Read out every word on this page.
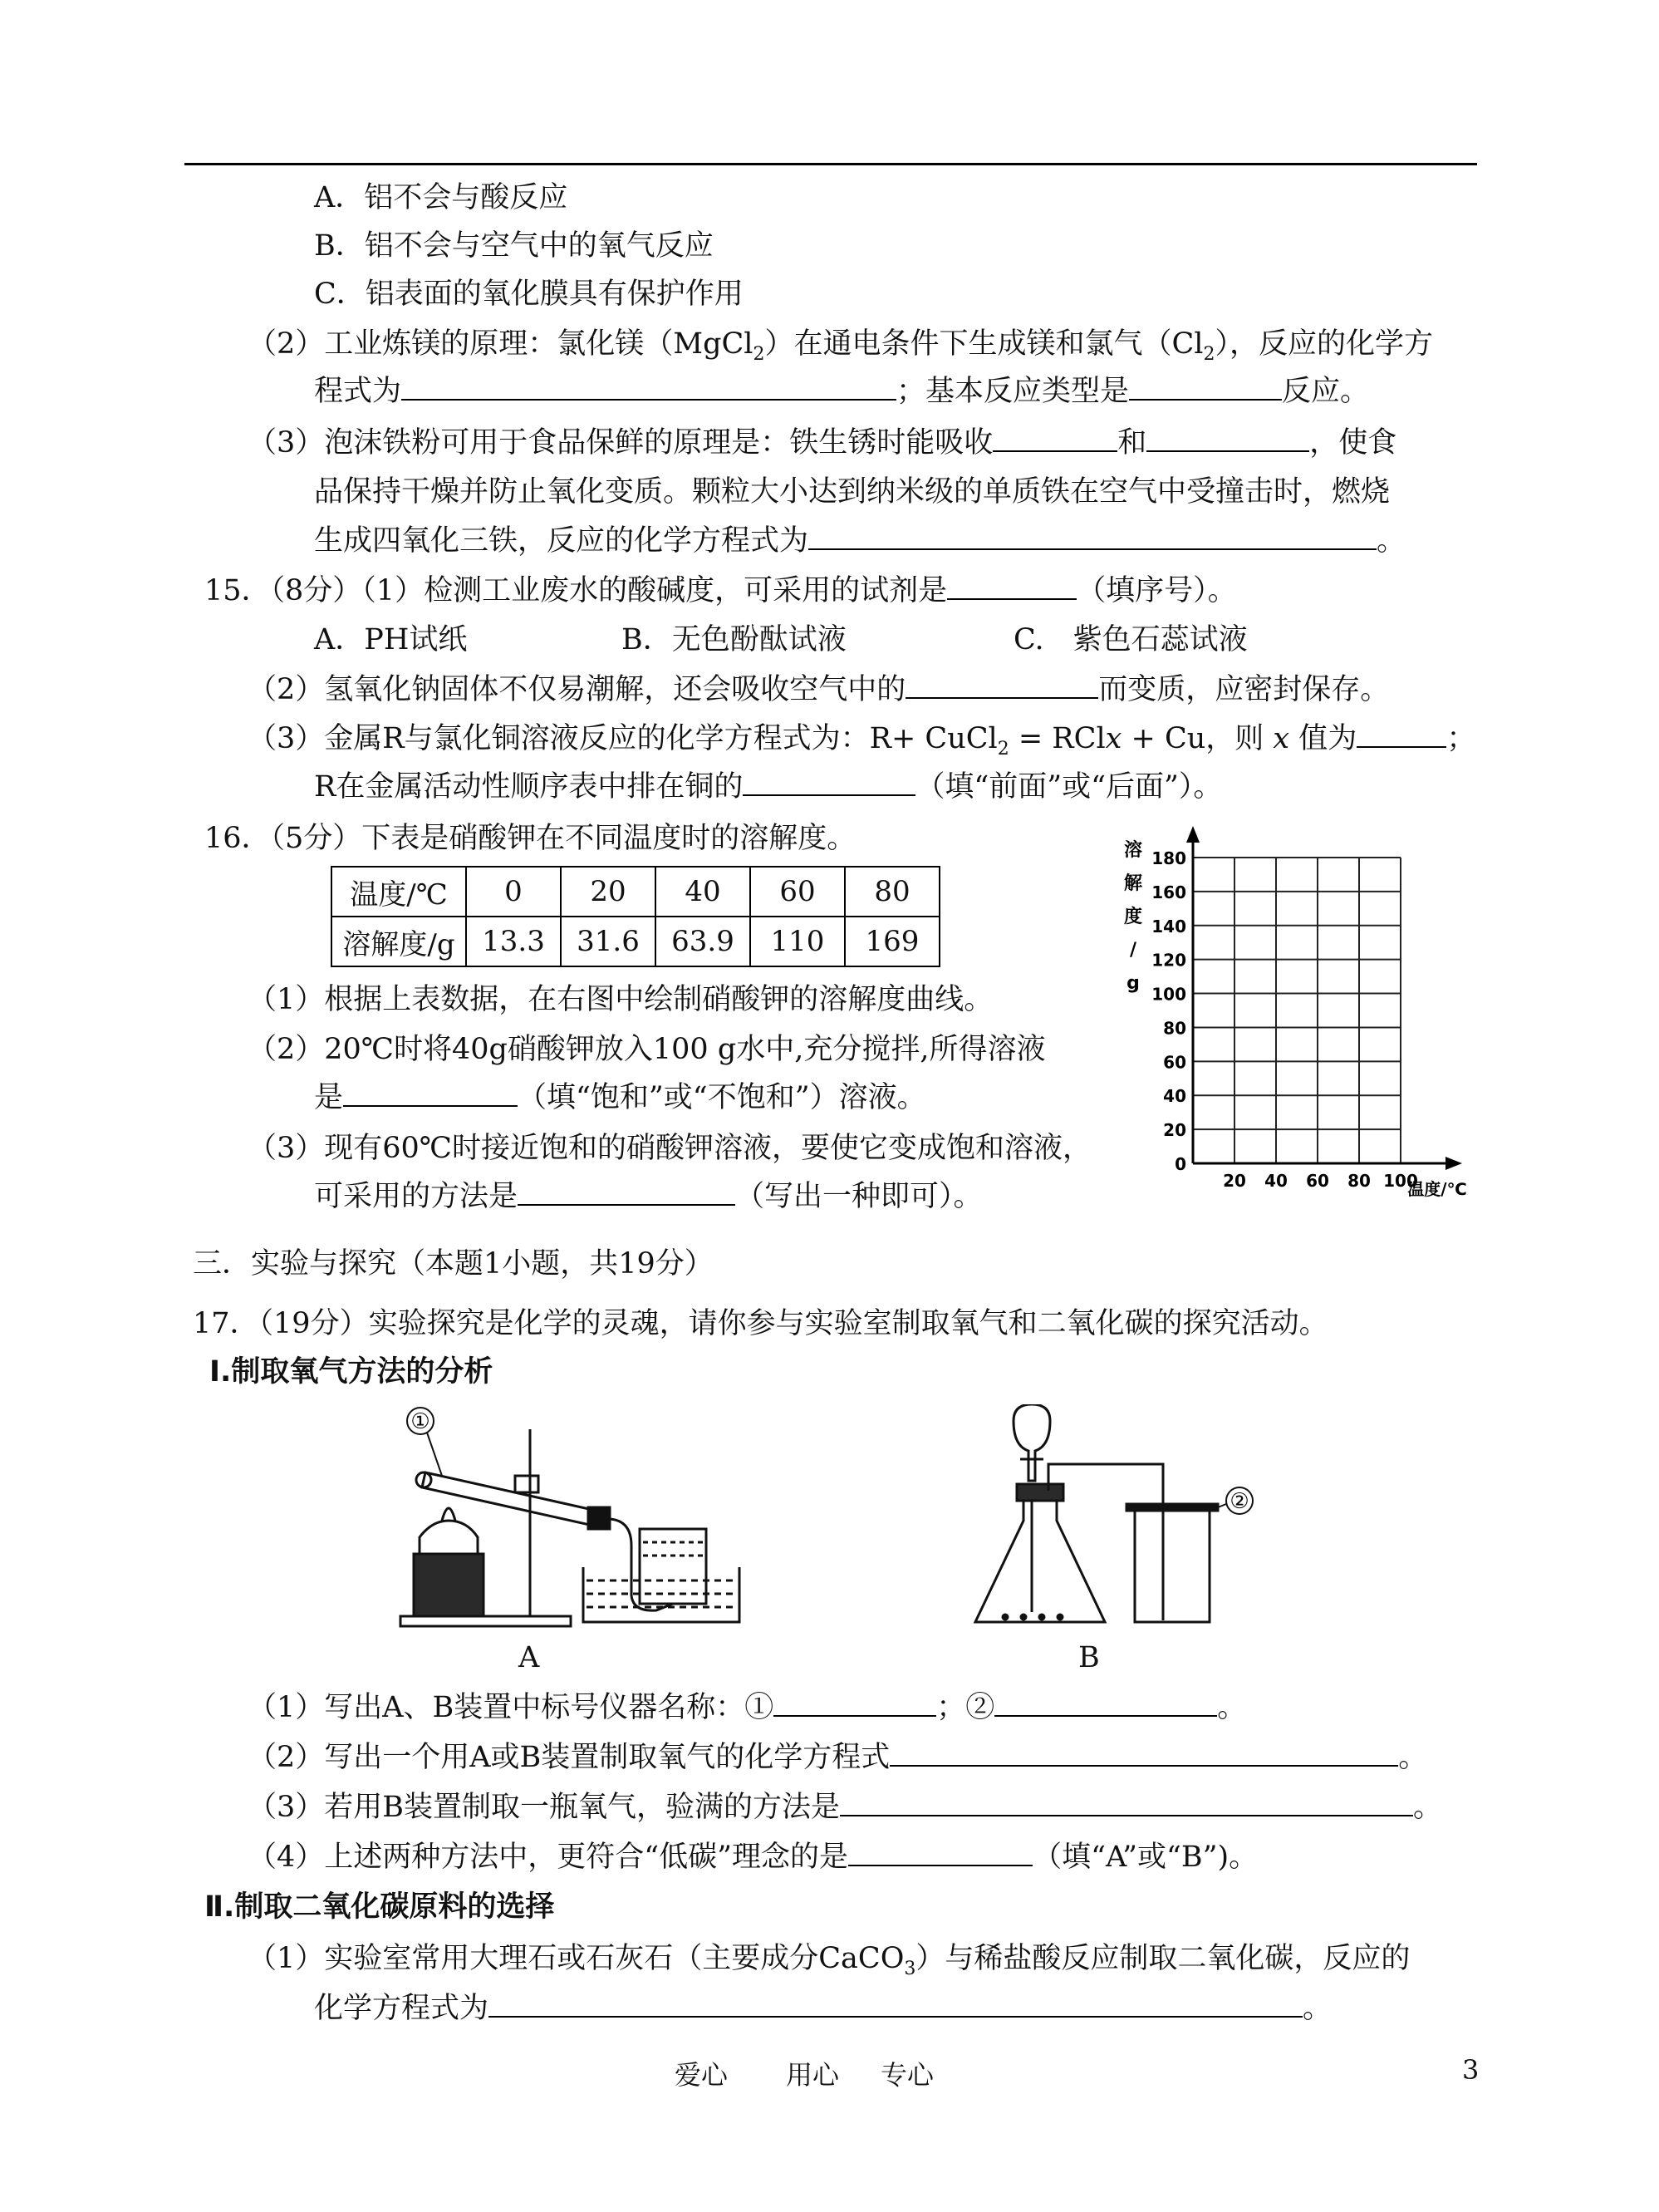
A．铝不会与酸反应
B．铝不会与空气中的氧气反应
C．铝表面的氧化膜具有保护作用
（2）工业炼镁的原理：氯化镁（MgCl$_2$）在通电条件下生成镁和氯气$(Cl_2)$，反应的化学方
程式为	；基本反应类型是	反应。
（3）泡沫铁粉可用于食品保鲜的原理是：铁生锈时能吸收	和	，使食
品保持干燥并防止氧化变质。颗粒大小达到纳米级的单质铁在空气中受撞击时，燃烧
生成四氧化三铁，反应的化学方程式为	。
15．（8分）（1）检测工业废水的酸碱度，可采用的试剂是	（填序号）。
A．PH试纸	B．无色酚酞试液	C.　紫色石蕊试液
（2）氢氧化钠固体不仅易潮解，还会吸收空气中的	而变质，应密封保存。
（3）金属R与氯化铜溶液反应的化学方程式为：R+ CuCl$_2$ = RClx + Cu，则 x 值为	；
R在金属活动性顺序表中排在铜的	（填“前面”或“后面”）。
16．（5分）下表是硝酸钾在不同温度时的溶解度。
温度/℃	0	20	40	60	80
溶解度/g	13.3	31.6	63.9	110	169
（1）根据上表数据，在右图中绘制硝酸钾的溶解度曲线。
（2）20℃时将40g硝酸钾放入100 g水中,充分搅拌,所得溶液
是	（填“饱和”或“不饱和”）溶液。
（3）现有60℃时接近饱和的硝酸钾溶液，要使它变成饱和溶液，
可采用的方法是	（写出一种即可）。
0
20
40
60
80
100
120
140
160
180
20 40 60 80 100
溶解度/ g
温度/℃
三．实验与探究（本题1小题，共19分）
17．（19分）实验探究是化学的灵魂，请你参与实验室制取氧气和二氧化碳的探究活动。
Ⅰ.制取氧气方法的分析
①
A
②
B
（1）写出A、B装置中标号仪器名称：①	；②	。
（2）写出一个用A或B装置制取氧气的化学方程式	。
（3）若用B装置制取一瓶氧气，验满的方法是	。
（4）上述两种方法中，更符合“低碳”理念的是	（填“A”或“B”)。
Ⅱ.制取二氧化碳原料的选择
（1）实验室常用大理石或石灰石（主要成分CaCO$_3$）与稀盐酸反应制取二氧化碳，反应的
化学方程式为	。
爱心 用心 专心	3
